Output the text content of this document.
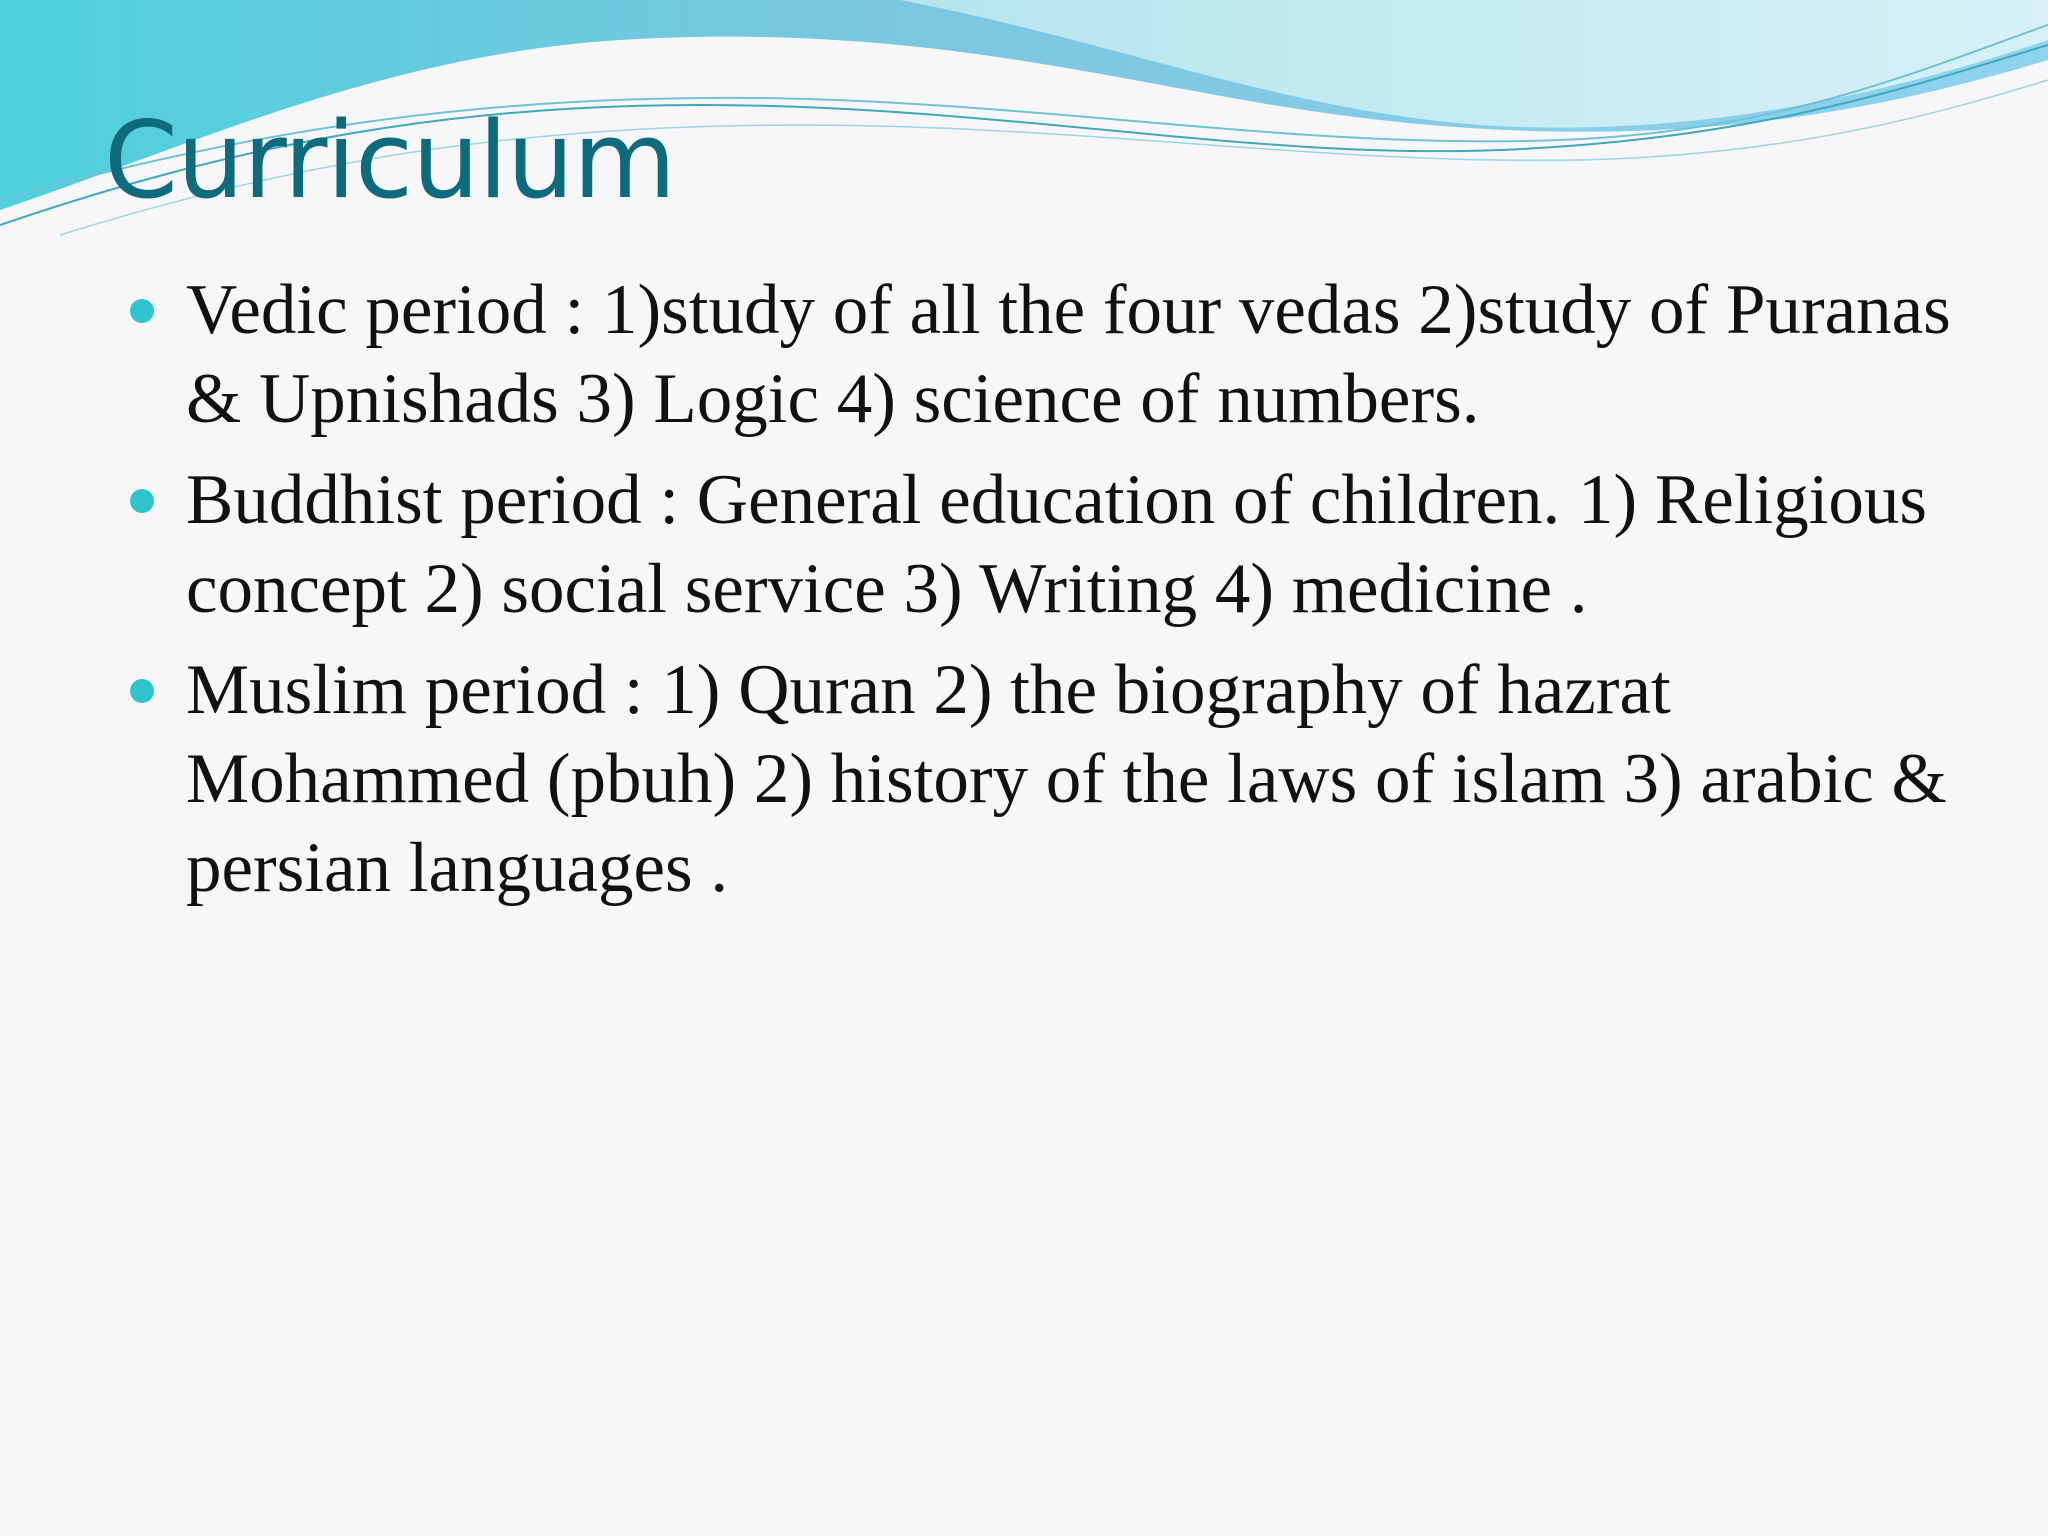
Curriculum
Vedic period : 1)study of all the four vedas 2)study of Puranas & Upnishads 3) Logic 4) science of numbers.
Buddhist period : General education of children. 1) Religious concept 2) social service 3) Writing 4) medicine .
Muslim period : 1) Quran 2) the biography of hazrat Mohammed (pbuh) 2) history of the laws of islam 3) arabic & persian languages .
